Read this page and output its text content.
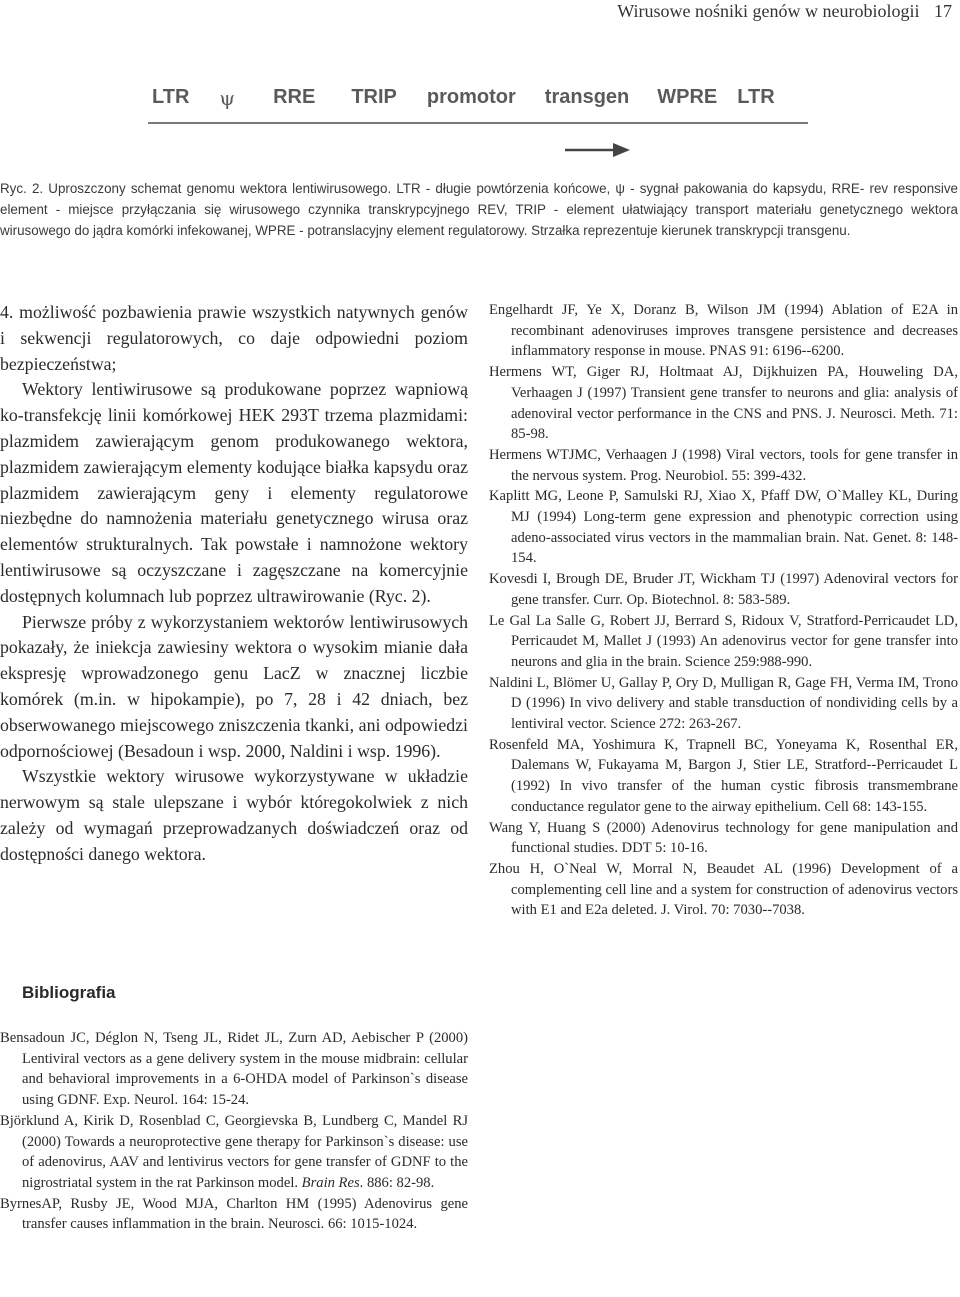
Wirusowe nośniki genów w neurobiologii 17
LTR ψ RRE TRIP promotor transgen WPRE LTR
Ryc. 2. Uproszczony schemat genomu wektora lentiwirusowego. LTR - długie powtórzenia końcowe, ψ - sygnał pakowania do kapsydu, RRE- rev responsive element - miejsce przyłączania się wirusowego czynnika transkrypcyjnego REV, TRIP - element ułatwiający transport materiału genetycznego wektora wirusowego do jądra komórki infekowanej, WPRE - potranslacyjny element regulatorowy. Strzałka reprezentuje kierunek transkrypcji transgenu.

4. możliwość pozbawienia prawie wszystkich natywnych genów i sekwencji regulatorowych, co daje odpowiedni poziom bezpieczeństwa;

Wektory lentiwirusowe są produkowane poprzez wapniową ko-transfekcję linii komórkowej HEK 293T trzema plazmidami: plazmidem zawierającym genom produkowanego wektora, plazmidem zawierającym elementy kodujące białka kapsydu oraz plazmidem zawierającym geny i elementy regulatorowe niezbędne do namnożenia materiału genetycznego wirusa oraz elementów strukturalnych. Tak powstałe i namnożone wektory lentiwirusowe są oczyszczane i zagęszczane na komercyjnie dostępnych kolumnach lub poprzez ultrawirowanie (Ryc. 2).

Pierwsze próby z wykorzystaniem wektorów lentiwirusowych pokazały, że iniekcja zawiesiny wektora o wysokim mianie dała ekspresję wprowadzonego genu LacZ w znacznej liczbie komórek (m.in. w hipokampie), po 7, 28 i 42 dniach, bez obserwowanego miejscowego zniszczenia tkanki, ani odpowiedzi odpornościowej (Besadoun i wsp. 2000, Naldini i wsp. 1996).

Wszystkie wektory wirusowe wykorzystywane w układzie nerwowym są stale ulepszane i wybór któregokolwiek z nich zależy od wymagań przeprowadzanych doświadczeń oraz od dostępności danego wektora.

Bibliografia

Bensadoun JC, Déglon N, Tseng JL, Ridet JL, Zurn AD, Aebischer P (2000) Lentiviral vectors as a gene delivery system in the mouse midbrain: cellular and behavioral improvements in a 6-OHDA model of Parkinson`s disease using GDNF. Exp. Neurol. 164: 15-24.

Björklund A, Kirik D, Rosenblad C, Georgievska B, Lundberg C, Mandel RJ (2000) Towards a neuroprotective gene therapy for Parkinson`s disease: use of adenovirus, AAV and lentivirus vectors for gene transfer of GDNF to the nigrostriatal system in the rat Parkinson model. Brain Res. 886: 82-98.

ByrnesAP, Rusby JE, Wood MJA, Charlton HM (1995) Adenovirus gene transfer causes inflammation in the brain. Neurosci. 66: 1015-1024.

Engelhardt JF, Ye X, Doranz B, Wilson JM (1994) Ablation of E2A in recombinant adenoviruses improves transgene persistence and decreases inflammatory response in mouse. PNAS 91: 6196--6200.

Hermens WT, Giger RJ, Holtmaat AJ, Dijkhuizen PA, Houweling DA, Verhaagen J (1997) Transient gene transfer to neurons and glia: analysis of adenoviral vector performance in the CNS and PNS. J. Neurosci. Meth. 71: 85-98.

Hermens WTJMC, Verhaagen J (1998) Viral vectors, tools for gene transfer in the nervous system. Prog. Neurobiol. 55: 399-432.

Kaplitt MG, Leone P, Samulski RJ, Xiao X, Pfaff DW, O`Malley KL, During MJ (1994) Long-term gene expression and phenotypic correction using adeno-associated virus vectors in the mammalian brain. Nat. Genet. 8: 148-154.

Kovesdi I, Brough DE, Bruder JT, Wickham TJ (1997) Adenoviral vectors for gene transfer. Curr. Op. Biotechnol. 8: 583-589.

Le Gal La Salle G, Robert JJ, Berrard S, Ridoux V, Stratford-Perricaudet LD, Perricaudet M, Mallet J (1993) An adenovirus vector for gene transfer into neurons and glia in the brain. Science 259:988-990.

Naldini L, Blömer U, Gallay P, Ory D, Mulligan R, Gage FH, Verma IM, Trono D (1996) In vivo delivery and stable transduction of nondividing cells by a lentiviral vector. Science 272: 263-267.

Rosenfeld MA, Yoshimura K, Trapnell BC, Yoneyama K, Rosenthal ER, Dalemans W, Fukayama M, Bargon J, Stier LE, Stratford--Perricaudet L (1992) In vivo transfer of the human cystic fibrosis transmembrane conductance regulator gene to the airway epithelium. Cell 68: 143-155.

Wang Y, Huang S (2000) Adenovirus technology for gene manipulation and functional studies. DDT 5: 10-16.

Zhou H, O`Neal W, Morral N, Beaudet AL (1996) Development of a complementing cell line and a system for construction of adenovirus vectors with E1 and E2a deleted. J. Virol. 70: 7030--7038.
